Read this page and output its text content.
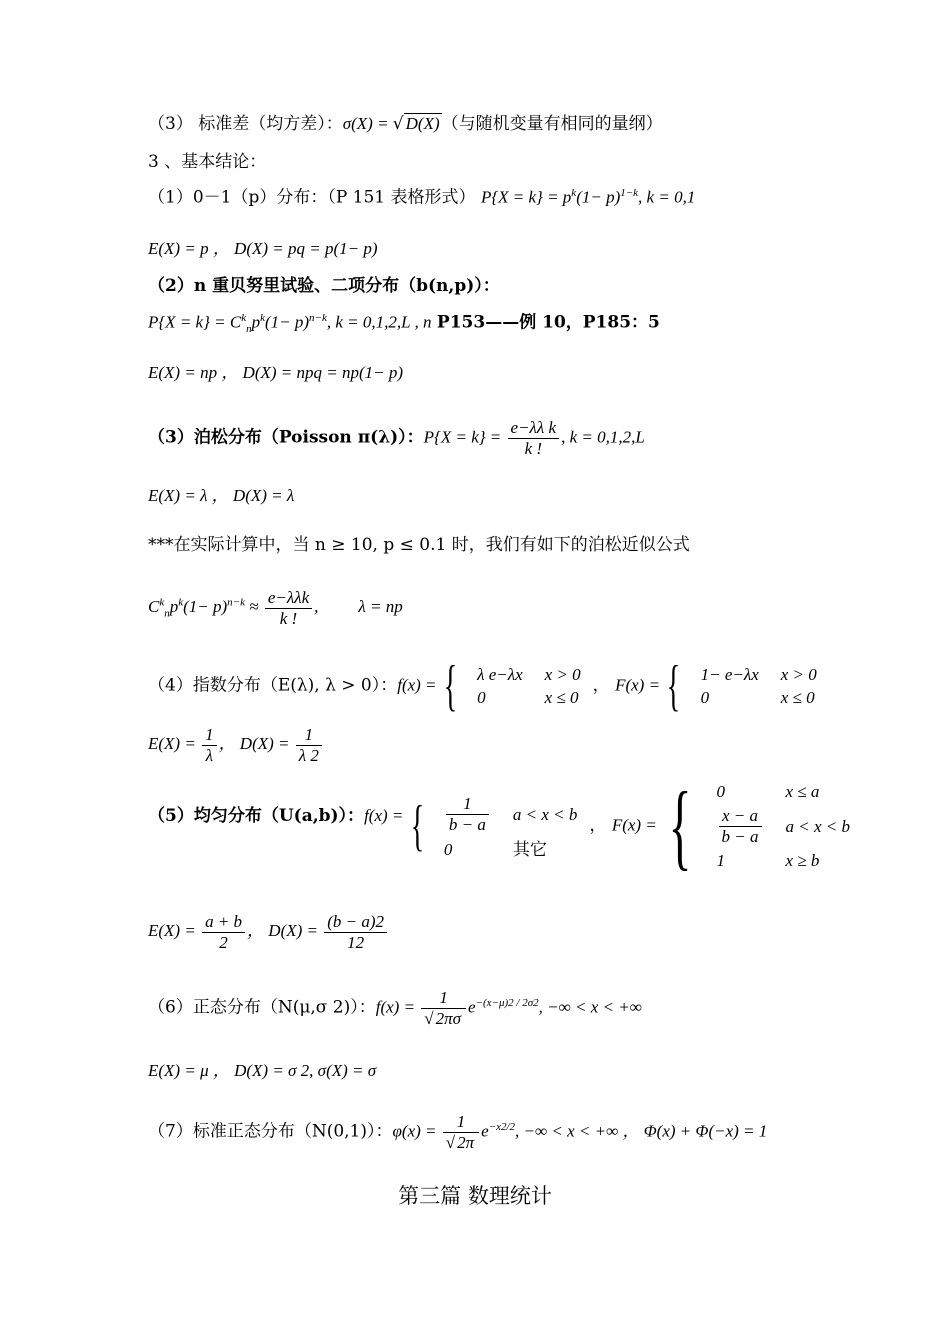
（3） 标准差（均方差）：σ(X) = √ D(X) （与随机变量有相同的量纲）
3 、基本结论：
（1）0－1（p）分布：（P 151 表格形式） $P\{X = k\} = p^k(1- p)^{1-k}$, k = 0,1
E(X) = p ， D(X) = pq = p(1− p)
（2）n 重贝努里试验、二项分布（b(n,p)）：
$P\{X = k\} = C^k_np^k(1- p)^{n-k}$, k = 0,1,2,L , n P153——例 10，P185：5
E(X) = np ， D(X) = npq = np(1− p)
（3）泊松分布（Poisson π(λ)）：$P\{X = k\} = \frac{\text{e−λλ k}}{k !}$ , k = 0,1,2,L
E(X) = λ ， D(X) = λ
***在实际计算中，当 n ≥ 10, p ≤ 0.1 时，我们有如下的泊松近似公式
$C^k_np^k(1- p)^{n-k} \approx \frac{\text{e−λλk}}{k !}$ , λ = np
（4）指数分布（E(λ), λ > 0）：f(x) = { λ e−λx	x > 0
0	x ≤ 0， F(x) = { 1− e−λx	x > 0
0	x ≤ 0
$E(X) = \frac{1}{\lambda}$ ， $D(X) = \frac{1}{\lambda 2}$
（5）均匀分布（U(a,b)）：f(x) = { $\frac{1}{b - a}$	a < x < b
0	其它， F(x) = { 0	x ≤ a

$\frac{x - a}{b - a}$	a < x < b
1	x ≥ b
$E(X) = \frac{a + b}{2}$ ， $D(X) = \frac{(b - a)2}{12}$
（6）正态分布（N(μ,σ 2)）：$f(x) = \frac{1}{√ 2\pi\sigma} e^{-(x-\mu)2 / 2\sigma 2}$, −∞ < x < +∞
E(X) = μ ， D(X) = σ 2, σ(X) = σ
（7）标准正态分布（N(0,1)）：$\varphi(x) = \frac{1}{√ 2\pi} e^{-x2/2}$, −∞ < x < +∞ ， Φ(x) + Φ(−x) = 1
第三篇 数理统计
